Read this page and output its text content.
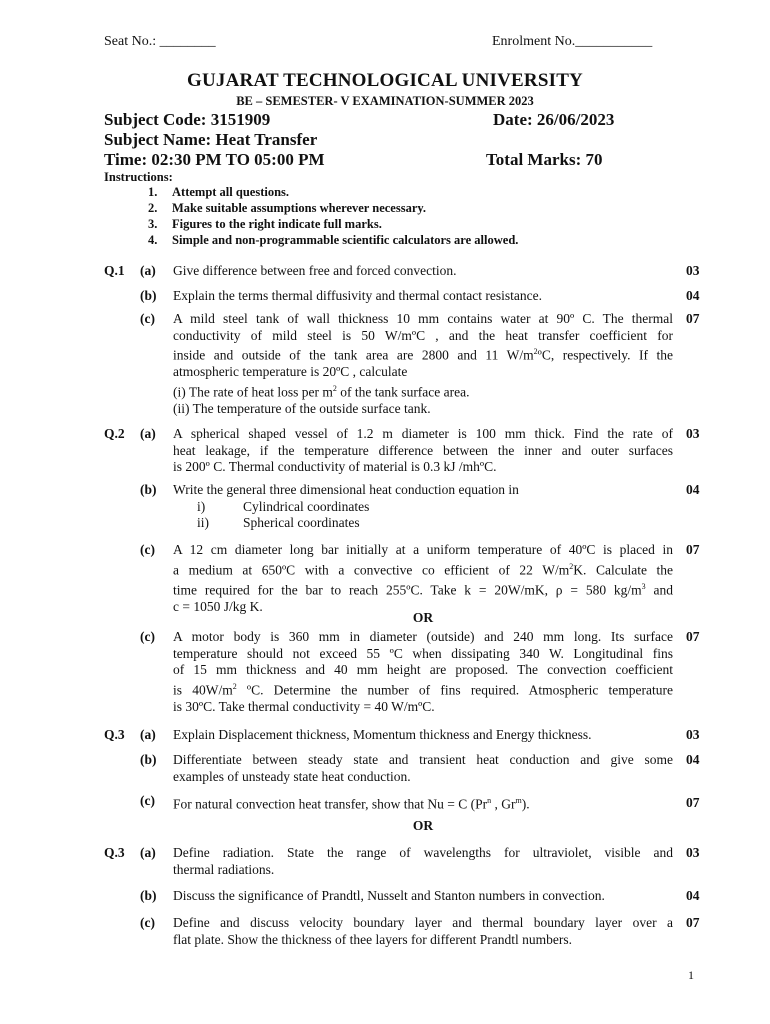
Seat No.: ________	Enrolment No.___________
GUJARAT TECHNOLOGICAL UNIVERSITY
BE – SEMESTER- V EXAMINATION-SUMMER 2023
Subject Code: 3151909	Date: 26/06/2023
Subject Name: Heat Transfer
Time: 02:30 PM TO 05:00 PM	Total Marks: 70
Instructions:
1. Attempt all questions.
2. Make suitable assumptions wherever necessary.
3. Figures to the right indicate full marks.
4. Simple and non-programmable scientific calculators are allowed.
Q.1 (a) Give difference between free and forced convection.	03
(b) Explain the terms thermal diffusivity and thermal contact resistance.	04
(c) A mild steel tank of wall thickness 10 mm contains water at 90º C. The thermal
conductivity of mild steel is 50 W/mºC , and the heat transfer coefficient for
inside and outside of the tank area are 2800 and 11 $W/m^2ºC$, respectively. If the
atmospheric temperature is 20ºC , calculate
(i) The rate of heat loss per $m^2$ of the tank surface area.
(ii) The temperature of the outside surface tank.
07
Q.2 (a) A spherical shaped vessel of 1.2 m diameter is 100 mm thick. Find the rate of
heat leakage, if the temperature difference between the inner and outer surfaces
is 200º C. Thermal conductivity of material is 0.3 kJ /mhºC.
03
(b) Write the general three dimensional heat conduction equation in
i)	Cylindrical coordinates
ii)	Spherical coordinates
04
(c) A 12 cm diameter long bar initially at a uniform temperature of 40ºC is placed in
a medium at 650ºC with a convective co efficient of 22 $W/m^2K$. Calculate the
time required for the bar to reach 255ºC. Take k = 20W/mK, ρ = 580 $kg/m^3$ and
c = 1050 J/kg K.
07
OR
(c) A motor body is 360 mm in diameter (outside) and 240 mm long. Its surface
temperature should not exceed 55 ºC when dissipating 340 W. Longitudinal fins
of 15 mm thickness and 40 mm height are proposed. The convection coefficient
is $40W/m^2$ ºC. Determine the number of fins required. Atmospheric temperature
is 30ºC. Take thermal conductivity = 40 W/mºC.
07
Q.3 (a) Explain Displacement thickness, Momentum thickness and Energy thickness.	03
(b) Differentiate between steady state and transient heat conduction and give some
examples of unsteady state heat conduction.
04
(c) For natural convection heat transfer, show that Nu = C (Pr$^n$ , Gr$^m$).	07
OR
Q.3 (a) Define radiation. State the range of wavelengths for ultraviolet, visible and
thermal radiations.
03
(b) Discuss the significance of Prandtl, Nusselt and Stanton numbers in convection.	04
(c) Define and discuss velocity boundary layer and thermal boundary layer over a
flat plate. Show the thickness of thee layers for different Prandtl numbers.
07
1
